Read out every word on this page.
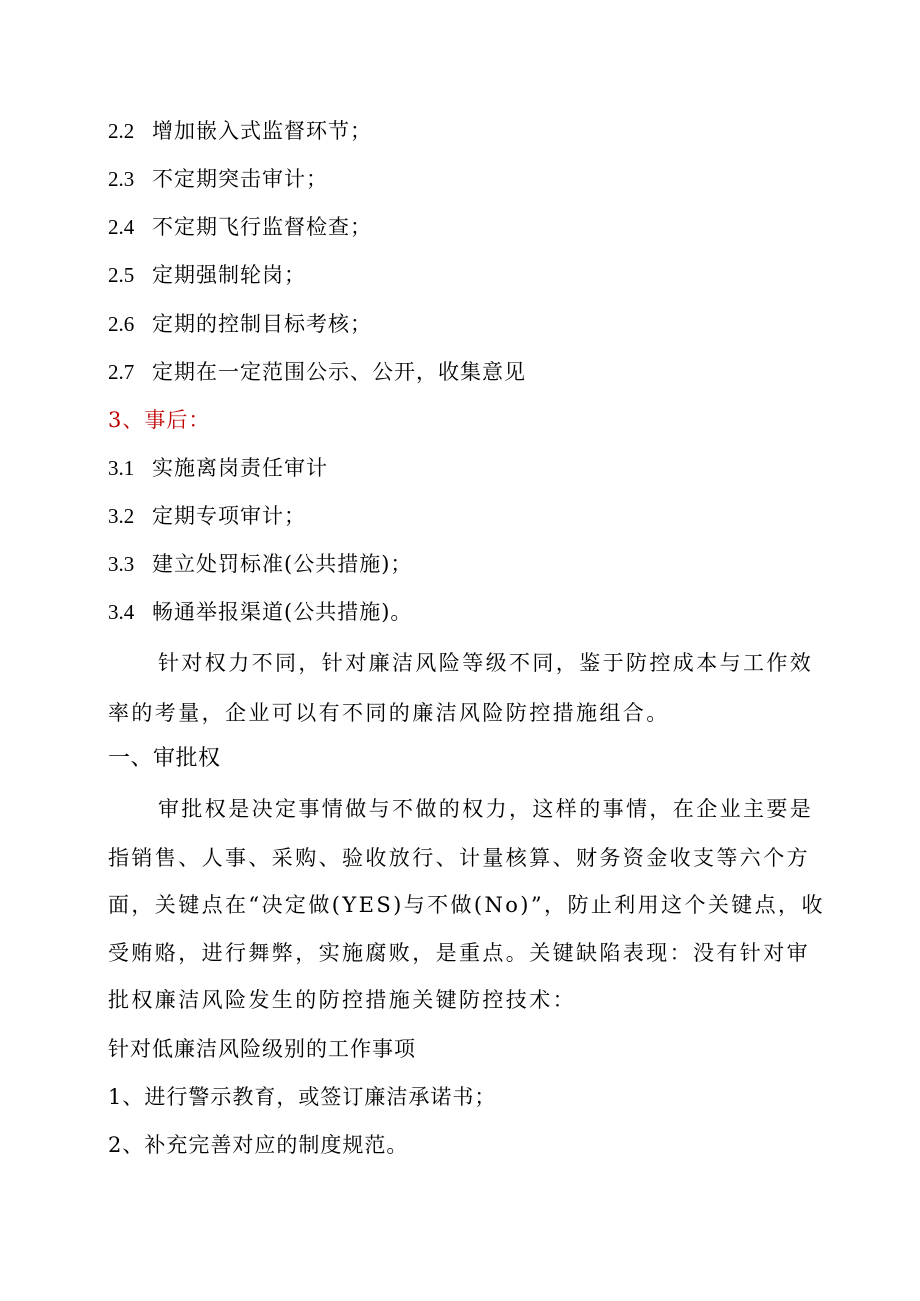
2.2 增加嵌入式监督环节；
2.3 不定期突击审计；
2.4 不定期飞行监督检查；
2.5 定期强制轮岗；
2.6 定期的控制目标考核；
2.7 定期在一定范围公示、公开，收集意见
3、事后：
3.1 实施离岗责任审计
3.2 定期专项审计；
3.3 建立处罚标准(公共措施)；
3.4 畅通举报渠道(公共措施)。
针对权力不同，针对廉洁风险等级不同，鉴于防控成本与工作效
率的考量，企业可以有不同的廉洁风险防控措施组合。
一、审批权
审批权是决定事情做与不做的权力，这样的事情，在企业主要是
指销售、人事、采购、验收放行、计量核算、财务资金收支等六个方
面，关键点在“决定做(YES)与不做(No)”，防止利用这个关键点，收
受贿赂，进行舞弊，实施腐败，是重点。关键缺陷表现：没有针对审
批权廉洁风险发生的防控措施关键防控技术：
针对低廉洁风险级别的工作事项
1、进行警示教育，或签订廉洁承诺书；
2、补充完善对应的制度规范。
